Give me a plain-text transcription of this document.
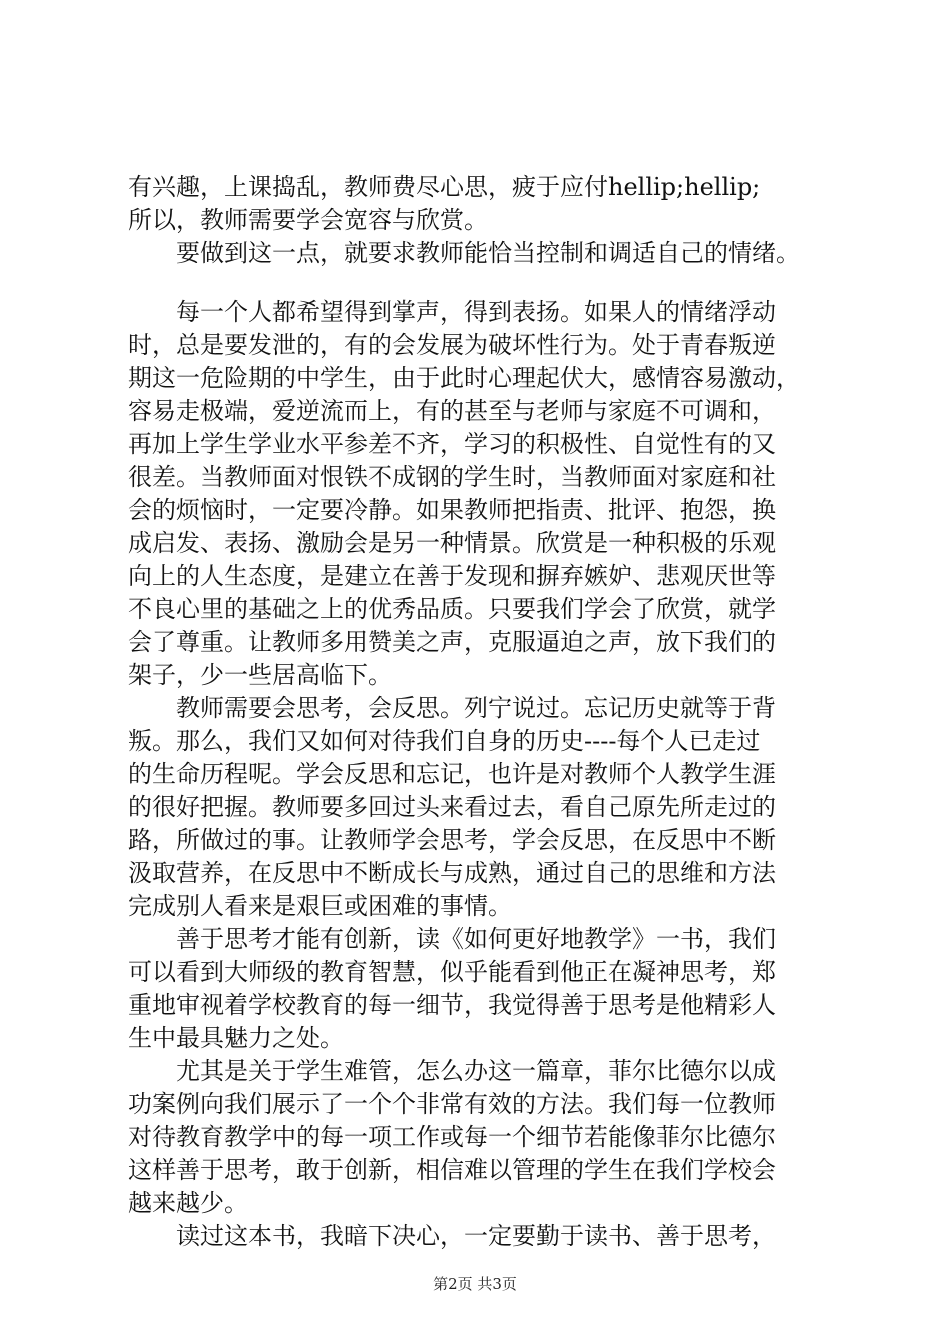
有兴趣，上课捣乱，教师费尽心思，疲于应付hellip;hellip;
所以，教师需要学会宽容与欣赏。
　　要做到这一点，就要求教师能恰当控制和调适自己的情绪。
　　每一个人都希望得到掌声，得到表扬。如果人的情绪浮动
时，总是要发泄的，有的会发展为破坏性行为。处于青春叛逆
期这一危险期的中学生，由于此时心理起伏大，感情容易激动，
容易走极端，爱逆流而上，有的甚至与老师与家庭不可调和，
再加上学生学业水平参差不齐，学习的积极性、自觉性有的又
很差。当教师面对恨铁不成钢的学生时，当教师面对家庭和社
会的烦恼时，一定要冷静。如果教师把指责、批评、抱怨，换
成启发、表扬、激励会是另一种情景。欣赏是一种积极的乐观
向上的人生态度，是建立在善于发现和摒弃嫉妒、悲观厌世等
不良心里的基础之上的优秀品质。只要我们学会了欣赏，就学
会了尊重。让教师多用赞美之声，克服逼迫之声，放下我们的
架子，少一些居高临下。
　　教师需要会思考，会反思。列宁说过。忘记历史就等于背
叛。那么，我们又如何对待我们自身的历史----每个人已走过
的生命历程呢。学会反思和忘记，也许是对教师个人教学生涯
的很好把握。教师要多回过头来看过去，看自己原先所走过的
路，所做过的事。让教师学会思考，学会反思，在反思中不断
汲取营养，在反思中不断成长与成熟，通过自己的思维和方法
完成别人看来是艰巨或困难的事情。
　　善于思考才能有创新，读《如何更好地教学》一书，我们
可以看到大师级的教育智慧，似乎能看到他正在凝神思考，郑
重地审视着学校教育的每一细节，我觉得善于思考是他精彩人
生中最具魅力之处。
　　尤其是关于学生难管，怎么办这一篇章，菲尔比德尔以成
功案例向我们展示了一个个非常有效的方法。我们每一位教师
对待教育教学中的每一项工作或每一个细节若能像菲尔比德尔
这样善于思考，敢于创新，相信难以管理的学生在我们学校会
越来越少。
　　读过这本书，我暗下决心，一定要勤于读书、善于思考，
第2页 共3页
